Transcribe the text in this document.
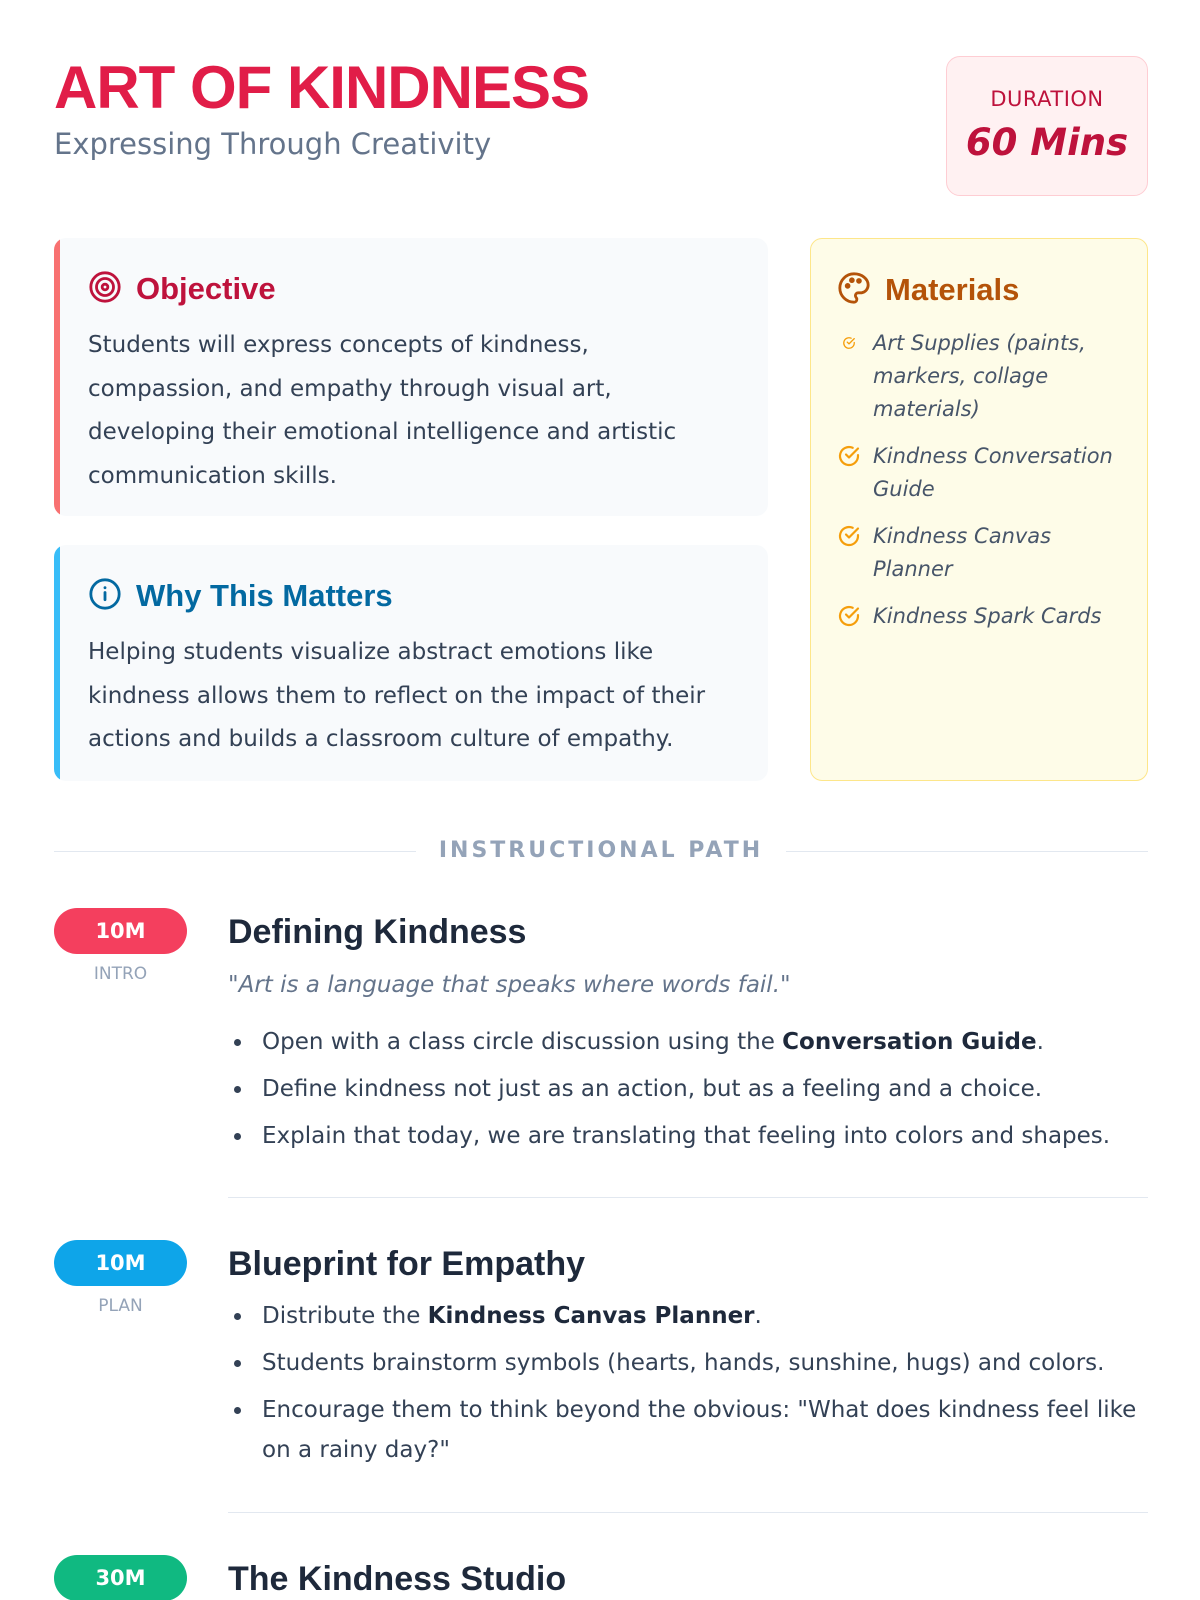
ART OF KINDNESS
Expressing Through Creativity
DURATION
60 Mins
Objective
Students will express concepts of kindness, compassion, and empathy through visual art, developing their emotional intelligence and artistic communication skills.
Why This Matters
Helping students visualize abstract emotions like kindness allows them to reflect on the impact of their actions and builds a classroom culture of empathy.
Materials
Art Supplies (paints, markers, collage materials)
Kindness Conversation Guide
Kindness Canvas Planner
Kindness Spark Cards
INSTRUCTIONAL PATH
10M
INTRO
Defining Kindness
"Art is a language that speaks where words fail."
Open with a class circle discussion using the Conversation Guide.
Define kindness not just as an action, but as a feeling and a choice.
Explain that today, we are translating that feeling into colors and shapes.
10M
PLAN
Blueprint for Empathy
Distribute the Kindness Canvas Planner.
Students brainstorm symbols (hearts, hands, sunshine, hugs) and colors.
Encourage them to think beyond the obvious: "What does kindness feel like on a rainy day?"
30M	The Kindness Studio
